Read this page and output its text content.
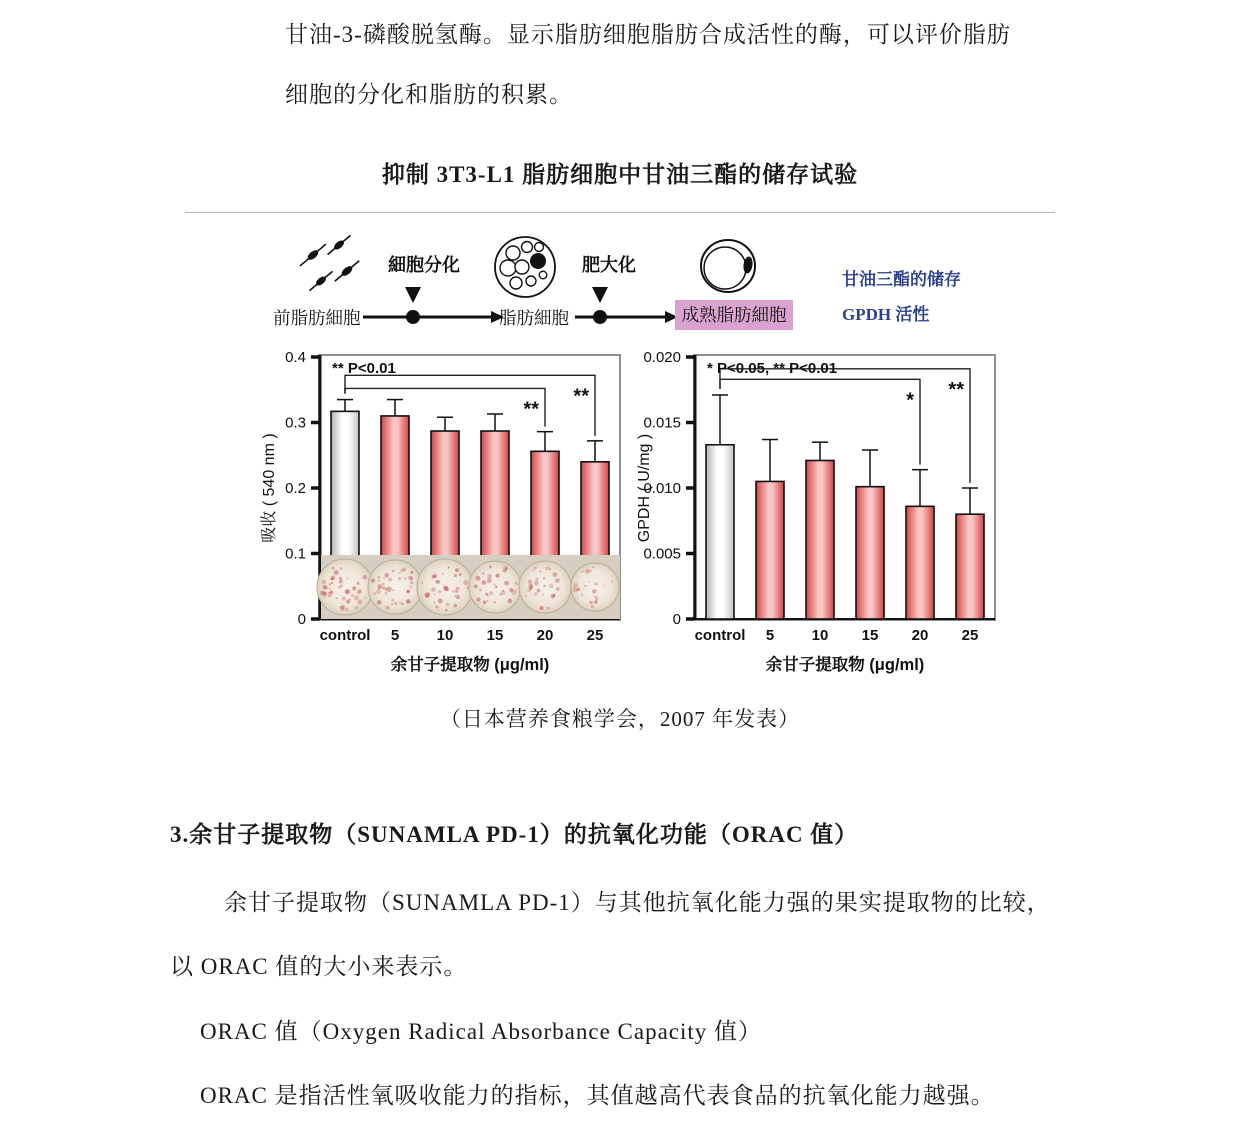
甘油-3-磷酸脱氢酶。显示脂肪细胞脂肪合成活性的酶，可以评价脂肪
细胞的分化和脂肪的积累。
抑制 3T3-L1 脂肪细胞中甘油三酯的储存试验
前脂肪細胞
細胞分化
脂肪細胞
肥大化
成熟脂肪細胞
甘油三酯的储存
GPDH 活性
0
0.1
0.2
0.3
0.4
**
**
control 5 10 15 20 25
余甘子提取物 (μg/ml)
吸收 ( 540 nm )
** P<0.01
0
0.005
0.010
0.015
0.020
**
*
control 5 10 15 20 25
余甘子提取物 (μg/ml)
GPDH ( U/mg )
* P<0.05, ** P<0.01
（日本营养食粮学会，2007 年发表）
3.余甘子提取物（SUNAMLA PD-1）的抗氧化功能（ORAC 值）
余甘子提取物（SUNAMLA PD-1）与其他抗氧化能力强的果实提取物的比较，
以 ORAC 值的大小来表示。
ORAC 值（Oxygen Radical Absorbance Capacity 值）
ORAC 是指活性氧吸收能力的指标，其值越高代表食品的抗氧化能力越强。
